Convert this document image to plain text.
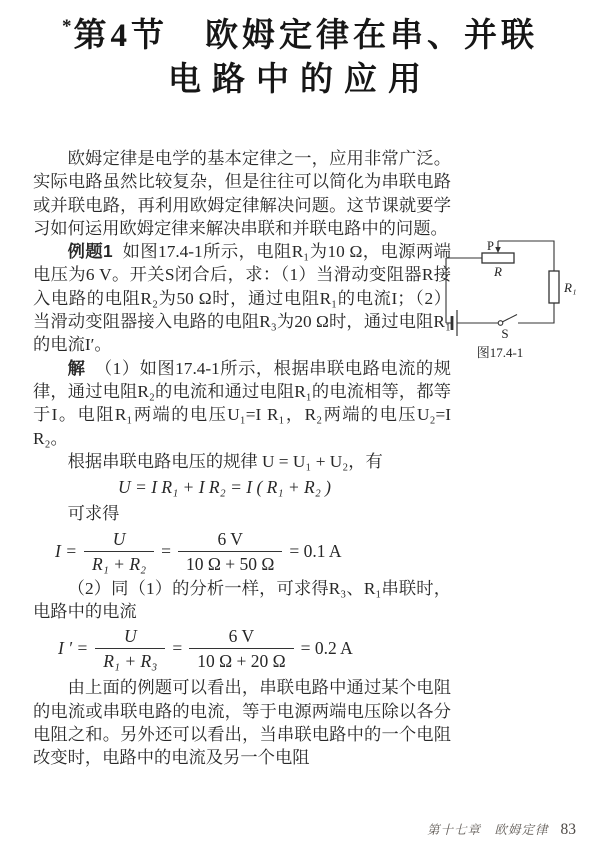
*第4节　欧姆定律在串、并联
电路中的应用

欧姆定律是电学的基本定律之一，应用非常广泛。实际电路虽然比较复杂，但是往往可以简化为串联电路或并联电路，再利用欧姆定律解决问题。这节课就要学习如何运用欧姆定律来解决串联和并联电路中的问题。

例题1 如图17.4-1所示，电阻R₁为10 Ω，电源两端电压为6 V。开关S闭合后，求：（1）当滑动变阻器R接入电路的电阻R₂为50 Ω时，通过电阻R₁的电流I；（2）当滑动变阻器接入电路的电阻R₃为20 Ω时，通过电阻R₁的电流I′。

解 （1）如图17.4-1所示，根据串联电路电流的规律，通过电阻R₂的电流和通过电阻R₁的电流相等，都等于I。电阻R₁两端的电压U₁=I R₁，R₂两端的电压U₂=I R₂。

根据串联电路电压的规律 U = U₁ + U₂，有

U = I R₁ + I R₂ = I ( R₁ + R₂ )

可求得

$I = \frac{U}{\text{R₁ + R₂}} = \frac{6 V}{10 \Omega + 50 \Omega} = 0.1$ A

（2）同（1）的分析一样，可求得R₃、R₁串联时，电路中的电流

I ′ = $\frac{U}{\text{R₁ + R₃}} = \frac{6 V}{10 \Omega + 20 \Omega} = 0.2$ A

由上面的例题可以看出，串联电路中通过某个电阻的电流或串联电路的电流，等于电源两端电压除以各分电阻之和。另外还可以看出，当串联电路中的一个电阻改变时，电路中的电流及另一个电阻

P
R
R₁
S
图17.4-1
第十七章　欧姆定律 83
